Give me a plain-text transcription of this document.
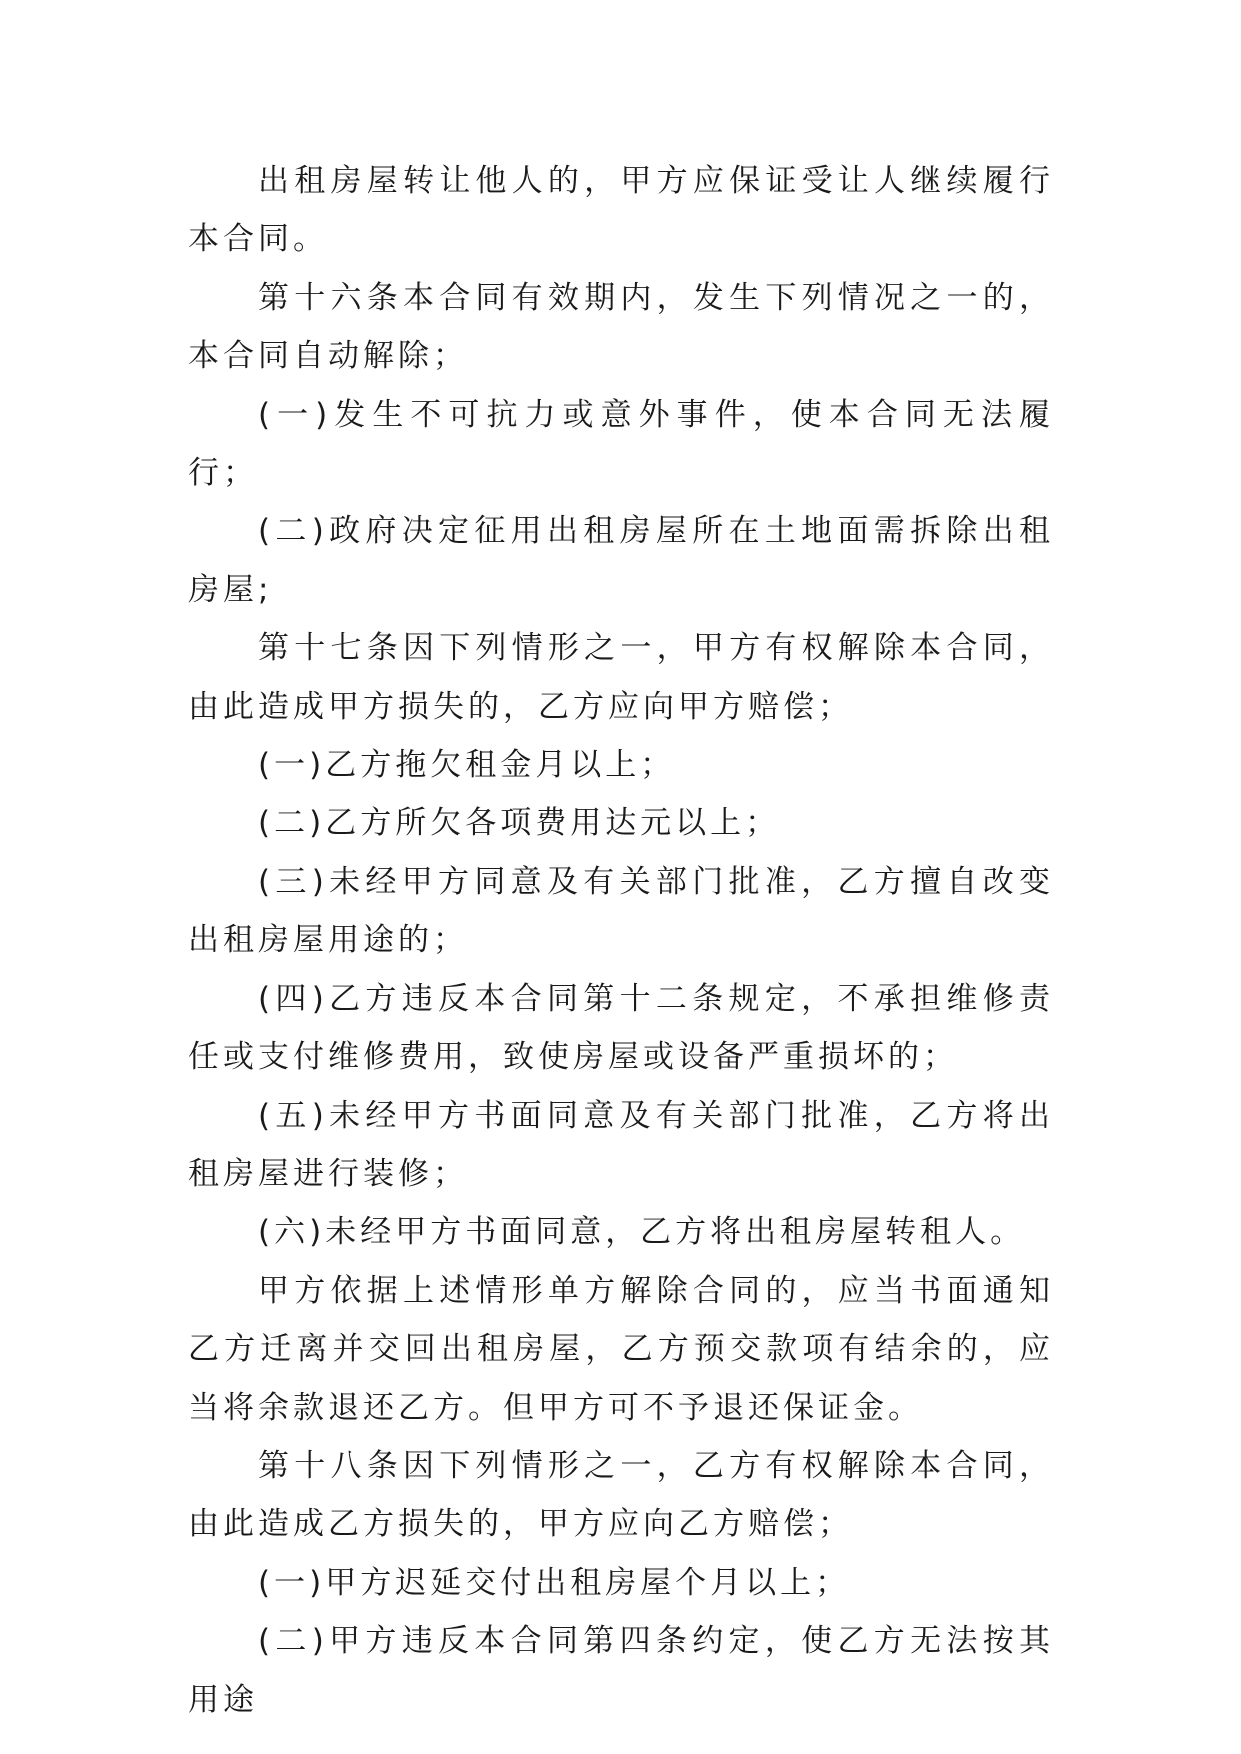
出租房屋转让他人的，甲方应保证受让人继续履行本合同。

第十六条本合同有效期内，发生下列情况之一的，本合同自动解除；

(一)发生不可抗力或意外事件，使本合同无法履行；

(二)政府决定征用出租房屋所在土地面需拆除出租房屋;

第十七条因下列情形之一，甲方有权解除本合同，由此造成甲方损失的，乙方应向甲方赔偿；

(一)乙方拖欠租金月以上；

(二)乙方所欠各项费用达元以上；

(三)未经甲方同意及有关部门批准，乙方擅自改变出租房屋用途的；

(四)乙方违反本合同第十二条规定，不承担维修责任或支付维修费用，致使房屋或设备严重损坏的；

(五)未经甲方书面同意及有关部门批准，乙方将出租房屋进行装修；

(六)未经甲方书面同意，乙方将出租房屋转租人。

甲方依据上述情形单方解除合同的，应当书面通知乙方迁离并交回出租房屋，乙方预交款项有结余的，应当将余款退还乙方。但甲方可不予退还保证金。

第十八条因下列情形之一，乙方有权解除本合同，由此造成乙方损失的，甲方应向乙方赔偿；

(一)甲方迟延交付出租房屋个月以上；

(二)甲方违反本合同第四条约定，使乙方无法按其用途
